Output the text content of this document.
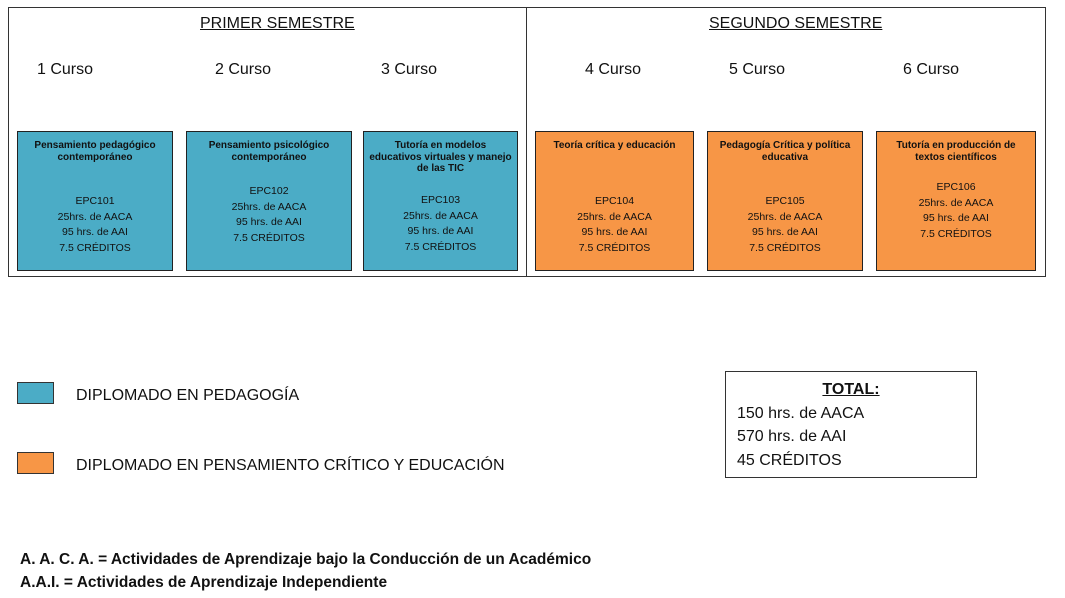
PRIMER SEMESTRE	SEGUNDO SEMESTRE
1 Curso	2 Curso	3 Curso	4 Curso	5 Curso	6 Curso
Pensamiento pedagógico contemporáneo
EPC101
25hrs. de AACA
95 hrs. de AAI
7.5 CRÉDITOS
Pensamiento psicológico contemporáneo
EPC102
25hrs. de AACA
95 hrs. de AAI
7.5 CRÉDITOS
Tutoría en modelos educativos virtuales y manejo de las TIC
EPC103
25hrs. de AACA
95 hrs. de AAI
7.5 CRÉDITOS
Teoría crítica y educación
EPC104
25hrs. de AACA
95 hrs. de AAI
7.5 CRÉDITOS
Pedagogía Crítica y política educativa
EPC105
25hrs. de AACA
95 hrs. de AAI
7.5 CRÉDITOS
Tutoría en producción de textos científicos
EPC106
25hrs. de AACA
95 hrs. de AAI
7.5 CRÉDITOS
DIPLOMADO EN PEDAGOGÍA
DIPLOMADO EN PENSAMIENTO CRÍTICO Y EDUCACIÓN
TOTAL:
150 hrs. de AACA
570 hrs. de AAI
45 CRÉDITOS
A. A. C. A. = Actividades de Aprendizaje bajo la Conducción de un Académico
A.A.I. = Actividades de Aprendizaje Independiente
